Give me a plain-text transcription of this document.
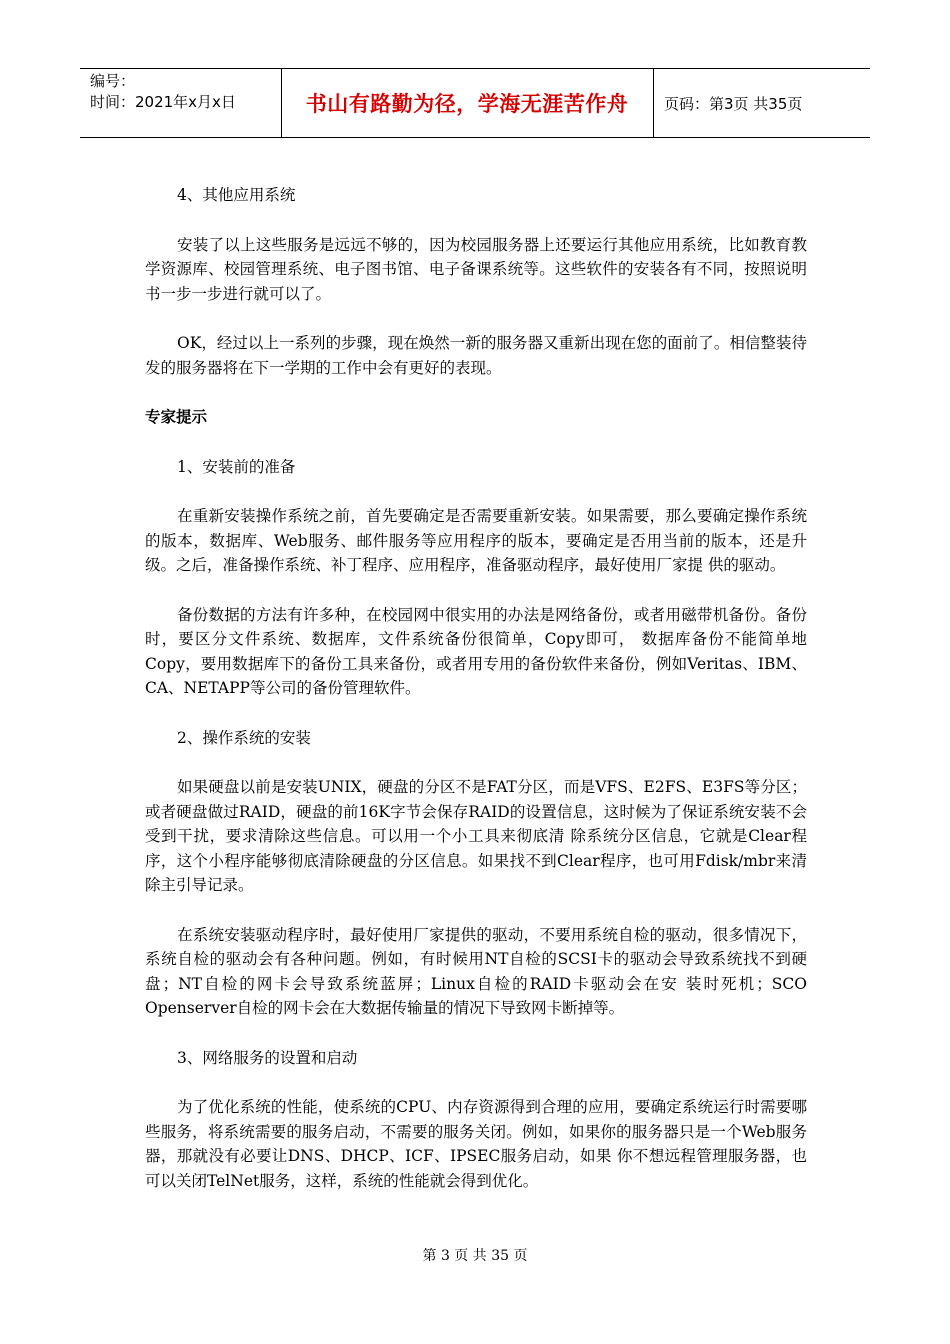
编号：
时间：2021年x月x日	书山有路勤为径，学海无涯苦作舟	页码：第3页 共35页

4、其他应用系统

安装了以上这些服务是远远不够的，因为校园服务器上还要运行其他应用系统，比如教育教学资源库、校园管理系统、电子图书馆、电子备课系统等。这些软件的安装各有不同，按照说明书一步一步进行就可以了。

OK，经过以上一系列的步骤，现在焕然一新的服务器又重新出现在您的面前了。相信整装待发的服务器将在下一学期的工作中会有更好的表现。

专家提示

1、安装前的准备

在重新安装操作系统之前，首先要确定是否需要重新安装。如果需要，那么要确定操作系统的版本，数据库、Web服务、邮件服务等应用程序的版本，要确定是否用当前的版本，还是升级。之后，准备操作系统、补丁程序、应用程序，准备驱动程序，最好使用厂家提 供的驱动。

备份数据的方法有许多种，在校园网中很实用的办法是网络备份，或者用磁带机备份。备份时，要区分文件系统、数据库，文件系统备份很简单，Copy即可， 数据库备份不能简单地Copy，要用数据库下的备份工具来备份，或者用专用的备份软件来备份，例如Veritas、IBM、CA、NETAPP等公司的备份管理软件。

2、操作系统的安装

如果硬盘以前是安装UNIX，硬盘的分区不是FAT分区，而是VFS、E2FS、E3FS等分区；或者硬盘做过RAID，硬盘的前16K字节会保存RAID的设置信息，这时候为了保证系统安装不会受到干扰，要求清除这些信息。可以用一个小工具来彻底清 除系统分区信息，它就是Clear程序，这个小程序能够彻底清除硬盘的分区信息。如果找不到Clear程序，也可用Fdisk/mbr来清除主引导记录。

在系统安装驱动程序时，最好使用厂家提供的驱动，不要用系统自检的驱动，很多情况下，系统自检的驱动会有各种问题。例如，有时候用NT自检的SCSI卡的驱动会导致系统找不到硬盘；NT自检的网卡会导致系统蓝屏；Linux自检的RAID卡驱动会在安 装时死机；SCO Openserver自检的网卡会在大数据传输量的情况下导致网卡断掉等。

3、网络服务的设置和启动

为了优化系统的性能，使系统的CPU、内存资源得到合理的应用，要确定系统运行时需要哪些服务，将系统需要的服务启动，不需要的服务关闭。例如，如果你的服务器只是一个Web服务器，那就没有必要让DNS、DHCP、ICF、IPSEC服务启动，如果 你不想远程管理服务器，也可以关闭TelNet服务，这样，系统的性能就会得到优化。

第 3 页 共 35 页
